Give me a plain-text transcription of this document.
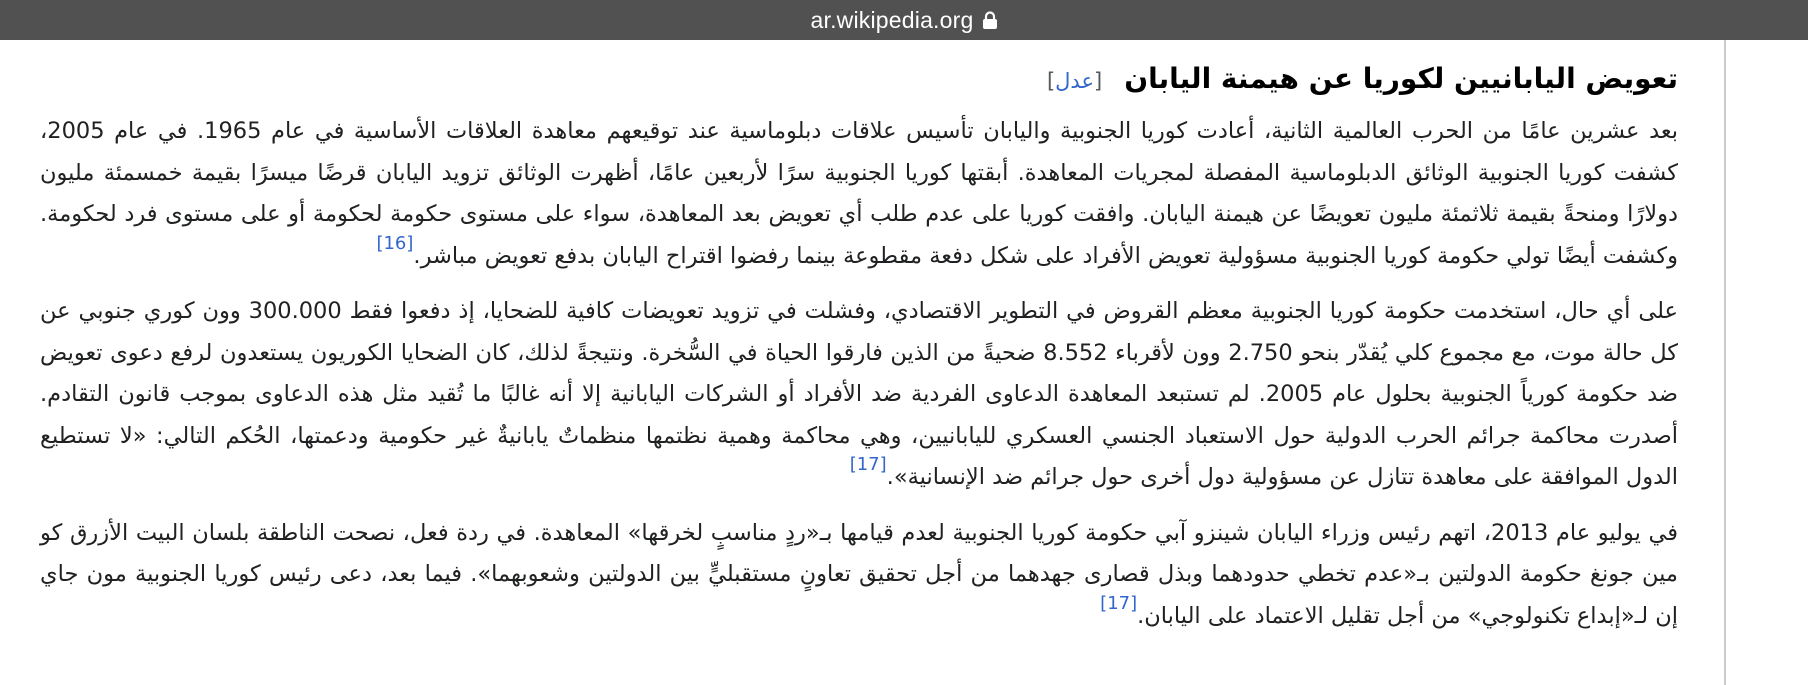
ar.wikipedia.org
تعويض اليابانيين لكوريا عن هيمنة اليابان
[عدل]

بعد عشرين عامًا من الحرب العالمية الثانية، أعادت كوريا الجنوبية واليابان تأسيس علاقات دبلوماسية عند توقيعهم معاهدة العلاقات الأساسية في عام 1965. في عام 2005، كشفت كوريا الجنوبية الوثائق الدبلوماسية المفصلة لمجريات المعاهدة. أبقتها كوريا الجنوبية سرًا لأربعين عامًا، أظهرت الوثائق تزويد اليابان قرضًا ميسرًا بقيمة خمسمئة مليون دولارًا ومنحةً بقيمة ثلاثمئة مليون تعويضًا عن هيمنة اليابان. وافقت كوريا على عدم طلب أي تعويض بعد المعاهدة، سواء على مستوى حكومة لحكومة أو على مستوى فرد لحكومة. وكشفت أيضًا تولي حكومة كوريا الجنوبية مسؤولية تعويض الأفراد على شكل دفعة مقطوعة بينما رفضوا اقتراح اليابان بدفع تعويض مباشر.[16]

على أي حال، استخدمت حكومة كوريا الجنوبية معظم القروض في التطوير الاقتصادي، وفشلت في تزويد تعويضات كافية للضحايا، إذ دفعوا فقط 300.000 وون كوري جنوبي عن كل حالة موت، مع مجموع كلي يُقدّر بنحو 2.750 وون لأقرباء 8.552 ضحيةً من الذين فارقوا الحياة في السُّخرة. ونتيجةً لذلك، كان الضحايا الكوريون يستعدون لرفع دعوى تعويض ضد حكومة كورياً الجنوبية بحلول عام 2005. لم تستبعد المعاهدة الدعاوى الفردية ضد الأفراد أو الشركات اليابانية إلا أنه غالبًا ما تُقيد مثل هذه الدعاوى بموجب قانون التقادم. أصدرت محاكمة جرائم الحرب الدولية حول الاستعباد الجنسي العسكري لليابانيين، وهي محاكمة وهمية نظتمها منظماتٌ يابانيةٌ غير حكومية ودعمتها، الحُكم التالي: «لا تستطيع الدول الموافقة على معاهدة تتازل عن مسؤولية دول أخرى حول جرائم ضد الإنسانية».[17]

في يوليو عام 2013، اتهم رئيس وزراء اليابان شينزو آبي حكومة كوريا الجنوبية لعدم قيامها بـ«ردٍ مناسبٍ لخرقها» المعاهدة. في ردة فعل، نصحت الناطقة بلسان البيت الأزرق كو مين جونغ حكومة الدولتين بـ«عدم تخطي حدودهما وبذل قصارى جهدهما من أجل تحقيق تعاونٍ مستقبليٍّ بين الدولتين وشعوبهما». فيما بعد، دعى رئيس كوريا الجنوبية مون جاي إن لـ«إبداع تكنولوجي» من أجل تقليل الاعتماد على اليابان.[17]
